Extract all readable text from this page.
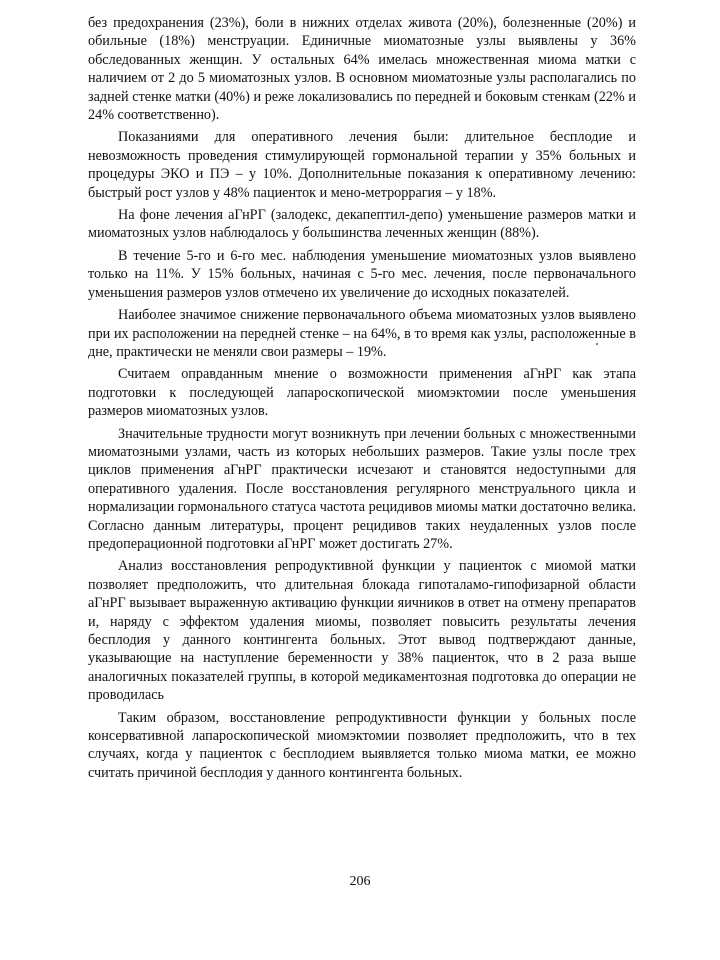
без предохранения (23%), боли в нижних отделах живота (20%), болезненные (20%) и обильные (18%) менструации. Единичные миоматозные узлы выявлены у 36% обследованных женщин. У остальных 64% имелась множественная миома матки с наличием от 2 до 5 миоматозных узлов. В основном миоматозные узлы располагались по задней стенке матки (40%) и реже локализовались по передней и боковым стенкам (22% и 24% соответственно).

Показаниями для оперативного лечения были: длительное бесплодие и невозможность проведения стимулирующей гормональной терапии у 35% больных и процедуры ЭКО и ПЭ – у 10%. Дополнительные показания к оперативному лечению: быстрый рост узлов у 48% пациенток и мено-метроррагия – у 18%.

На фоне лечения аГнРГ (залодекс, декапептил-депо) уменьшение размеров матки и миоматозных узлов наблюдалось у большинства леченных женщин (88%).

В течение 5-го и 6-го мес. наблюдения уменьшение миоматозных узлов выявлено только на 11%. У 15% больных, начиная с 5-го мес. лечения, после первоначального уменьшения размеров узлов отмечено их увеличение до исходных показателей.

Наиболее значимое снижение первоначального объема миоматозных узлов выявлено при их расположении на передней стенке – на 64%, в то время как узлы, расположенные в дне, практически не меняли свои размеры – 19%.

Считаем оправданным мнение о возможности применения аГнРГ как этапа подготовки к последующей лапароскопической миомэктомии после уменьшения размеров миоматозных узлов.

Значительные трудности могут возникнуть при лечении больных с множественными миоматозными узлами, часть из которых небольших размеров. Такие узлы после трех циклов применения аГнРГ практически исчезают и становятся недоступными для оперативного удаления. После восстановления регулярного менструального цикла и нормализации гормонального статуса частота рецидивов миомы матки достаточно велика. Согласно данным литературы, процент рецидивов таких неудаленных узлов после предоперационной подготовки аГнРГ может достигать 27%.

Анализ восстановления репродуктивной функции у пациенток с миомой матки позволяет предположить, что длительная блокада гипоталамо-гипофизарной области аГнРГ вызывает выраженную активацию функции яичников в ответ на отмену препаратов и, наряду с эффектом удаления миомы, позволяет повысить результаты лечения бесплодия у данного контингента больных. Этот вывод подтверждают данные, указывающие на наступление беременности у 38% пациенток, что в 2 раза выше аналогичных показателей группы, в которой медикаментозная подготовка до операции не проводилась

Таким образом, восстановление репродуктивности функции у больных после консервативной лапароскопической миомэктомии позволяет предположить, что в тех случаях, когда у пациенток с бесплодием выявляется только миома матки, ее можно считать причиной бесплодия у данного контингента больных.

206
